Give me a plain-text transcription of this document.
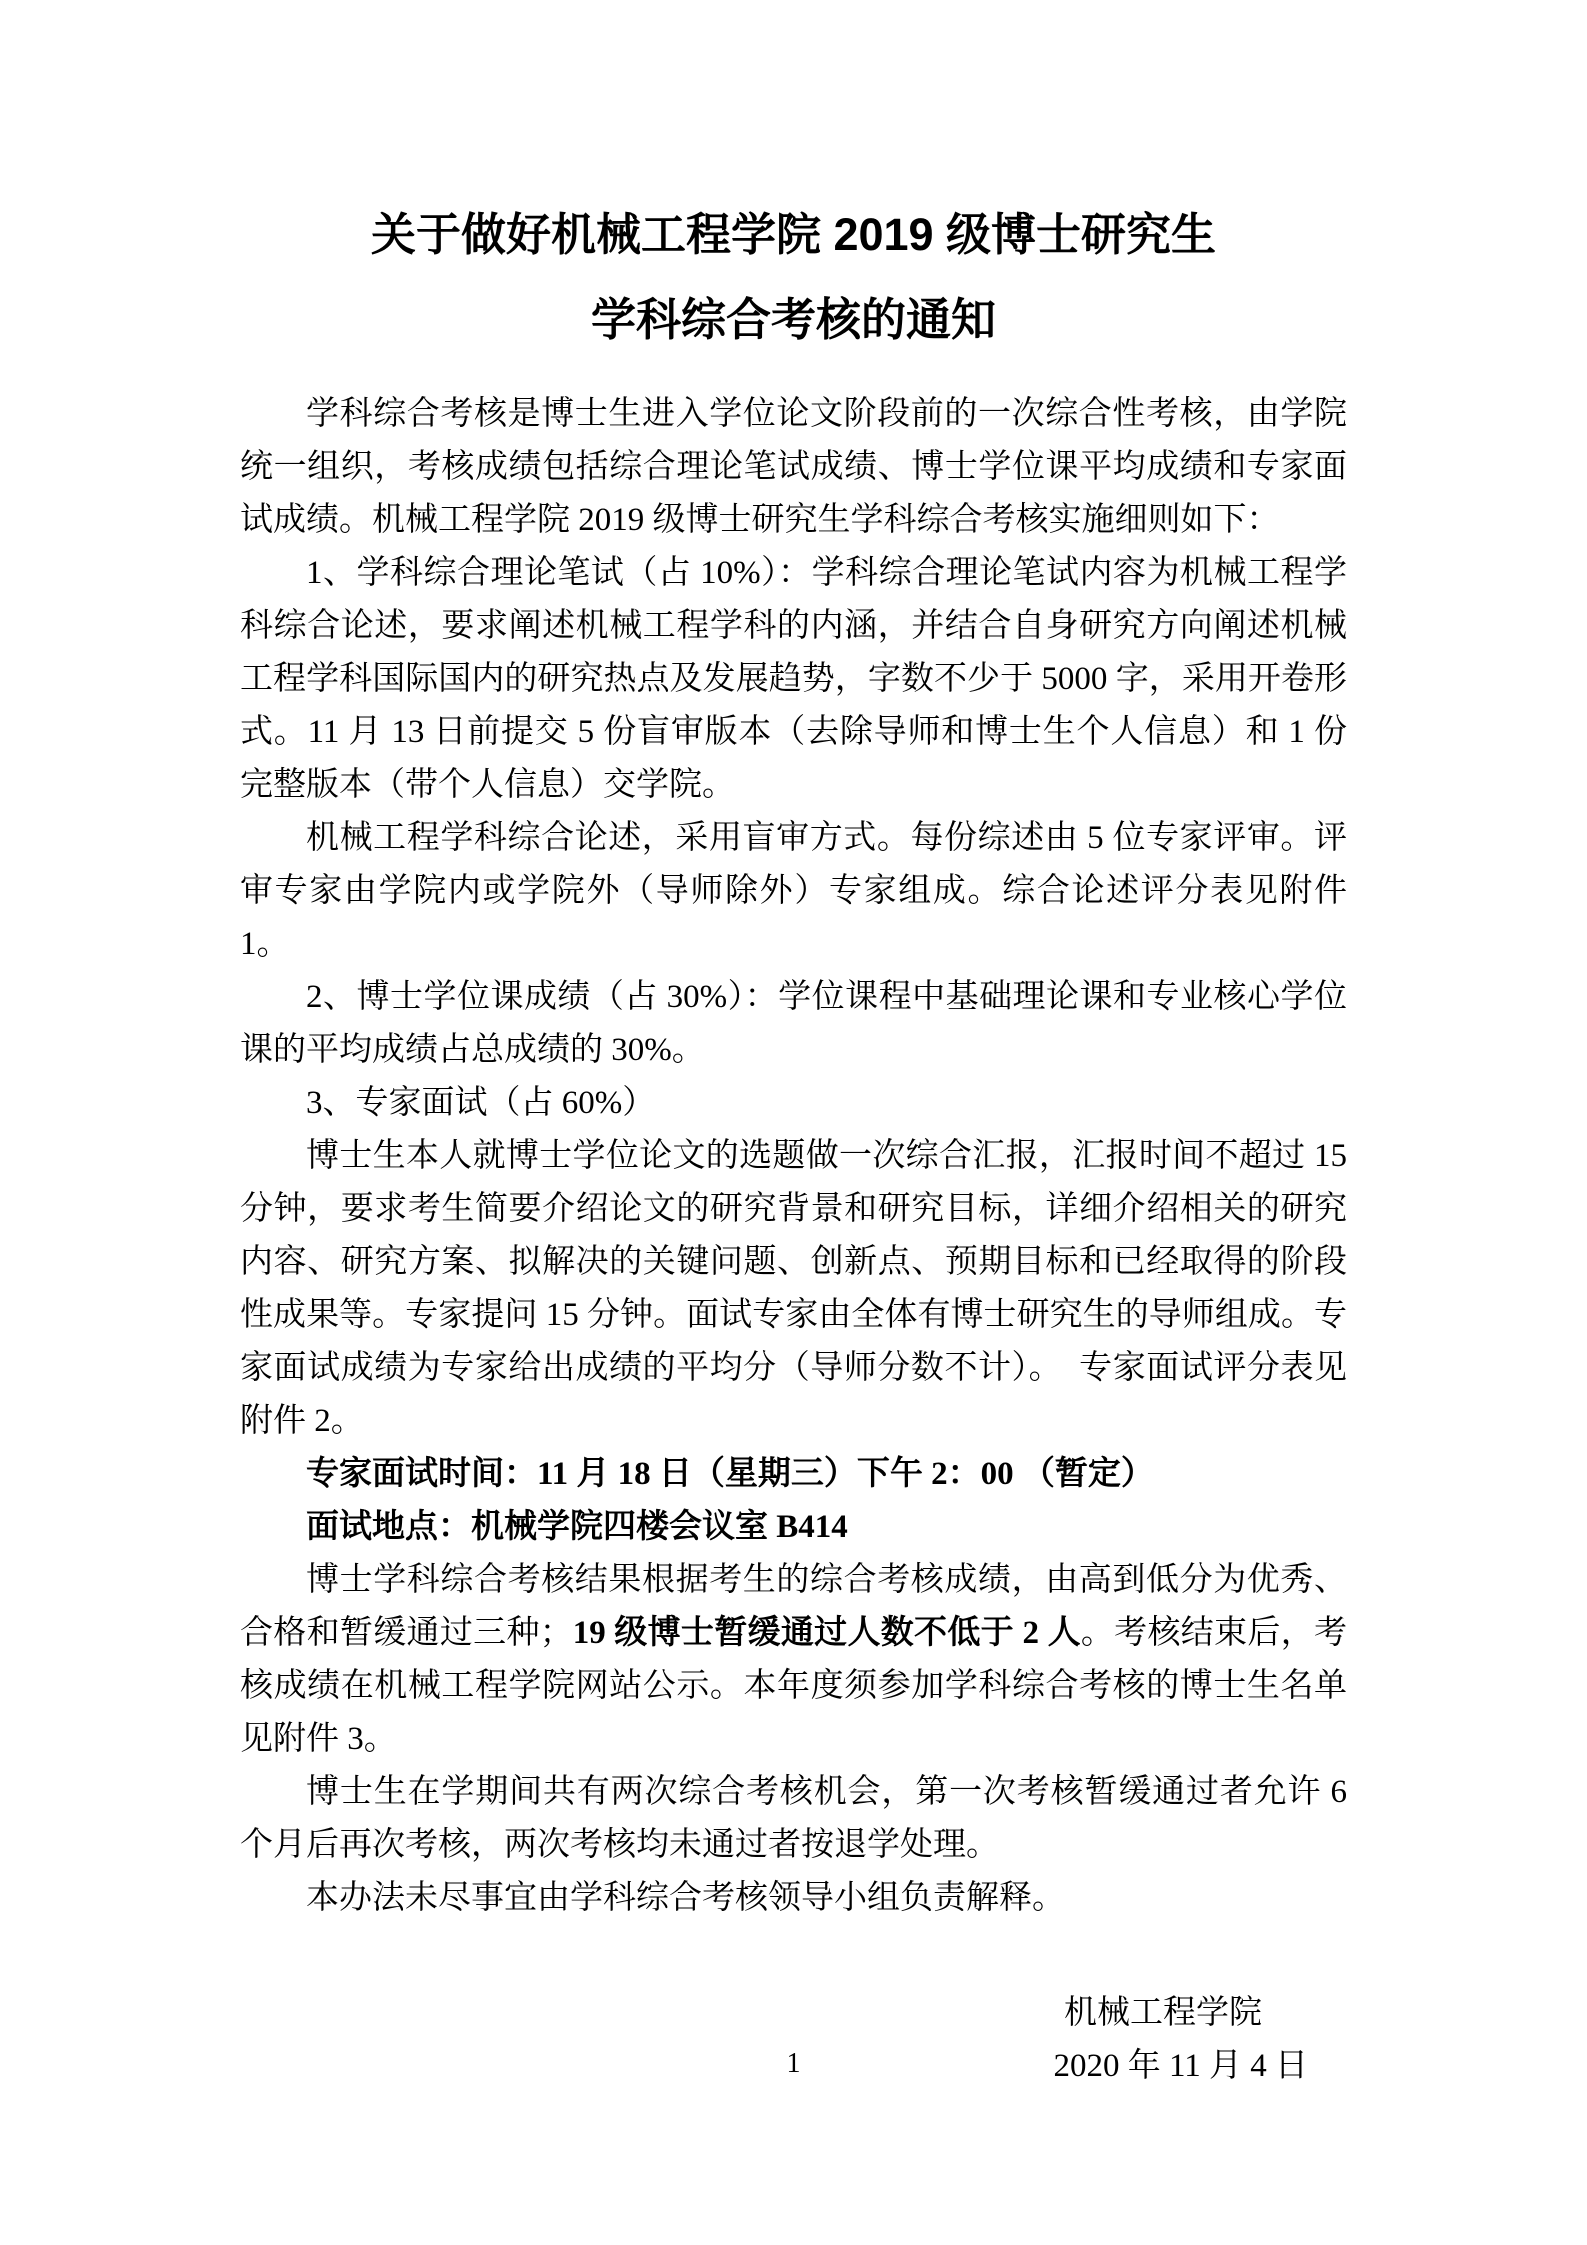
关于做好机械工程学院 2019 级博士研究生
学科综合考核的通知

学科综合考核是博士生进入学位论文阶段前的一次综合性考核，由学院统一组织，考核成绩包括综合理论笔试成绩、博士学位课平均成绩和专家面试成绩。机械工程学院 2019 级博士研究生学科综合考核实施细则如下：

1、学科综合理论笔试（占 10%）：学科综合理论笔试内容为机械工程学科综合论述，要求阐述机械工程学科的内涵，并结合自身研究方向阐述机械工程学科国际国内的研究热点及发展趋势，字数不少于 5000 字，采用开卷形式。11 月 13 日前提交 5 份盲审版本（去除导师和博士生个人信息）和 1 份完整版本（带个人信息）交学院。

机械工程学科综合论述，采用盲审方式。每份综述由 5 位专家评审。评审专家由学院内或学院外（导师除外）专家组成。综合论述评分表见附件 1。

2、博士学位课成绩（占 30%）：学位课程中基础理论课和专业核心学位课的平均成绩占总成绩的 30%。

3、专家面试（占 60%）

博士生本人就博士学位论文的选题做一次综合汇报，汇报时间不超过 15 分钟，要求考生简要介绍论文的研究背景和研究目标，详细介绍相关的研究内容、研究方案、拟解决的关键问题、创新点、预期目标和已经取得的阶段性成果等。专家提问 15 分钟。面试专家由全体有博士研究生的导师组成。专家面试成绩为专家给出成绩的平均分（导师分数不计）。　专家面试评分表见附件 2。

专家面试时间：11 月 18 日（星期三）下午 2：00 （暂定）

面试地点：机械学院四楼会议室 B414

博士学科综合考核结果根据考生的综合考核成绩，由高到低分为优秀、合格和暂缓通过三种；19 级博士暂缓通过人数不低于 2 人。考核结束后，考核成绩在机械工程学院网站公示。本年度须参加学科综合考核的博士生名单见附件 3。

博士生在学期间共有两次综合考核机会，第一次考核暂缓通过者允许 6 个月后再次考核，两次考核均未通过者按退学处理。

本办法未尽事宜由学科综合考核领导小组负责解释。

机械工程学院
2020 年 11 月 4 日
1
